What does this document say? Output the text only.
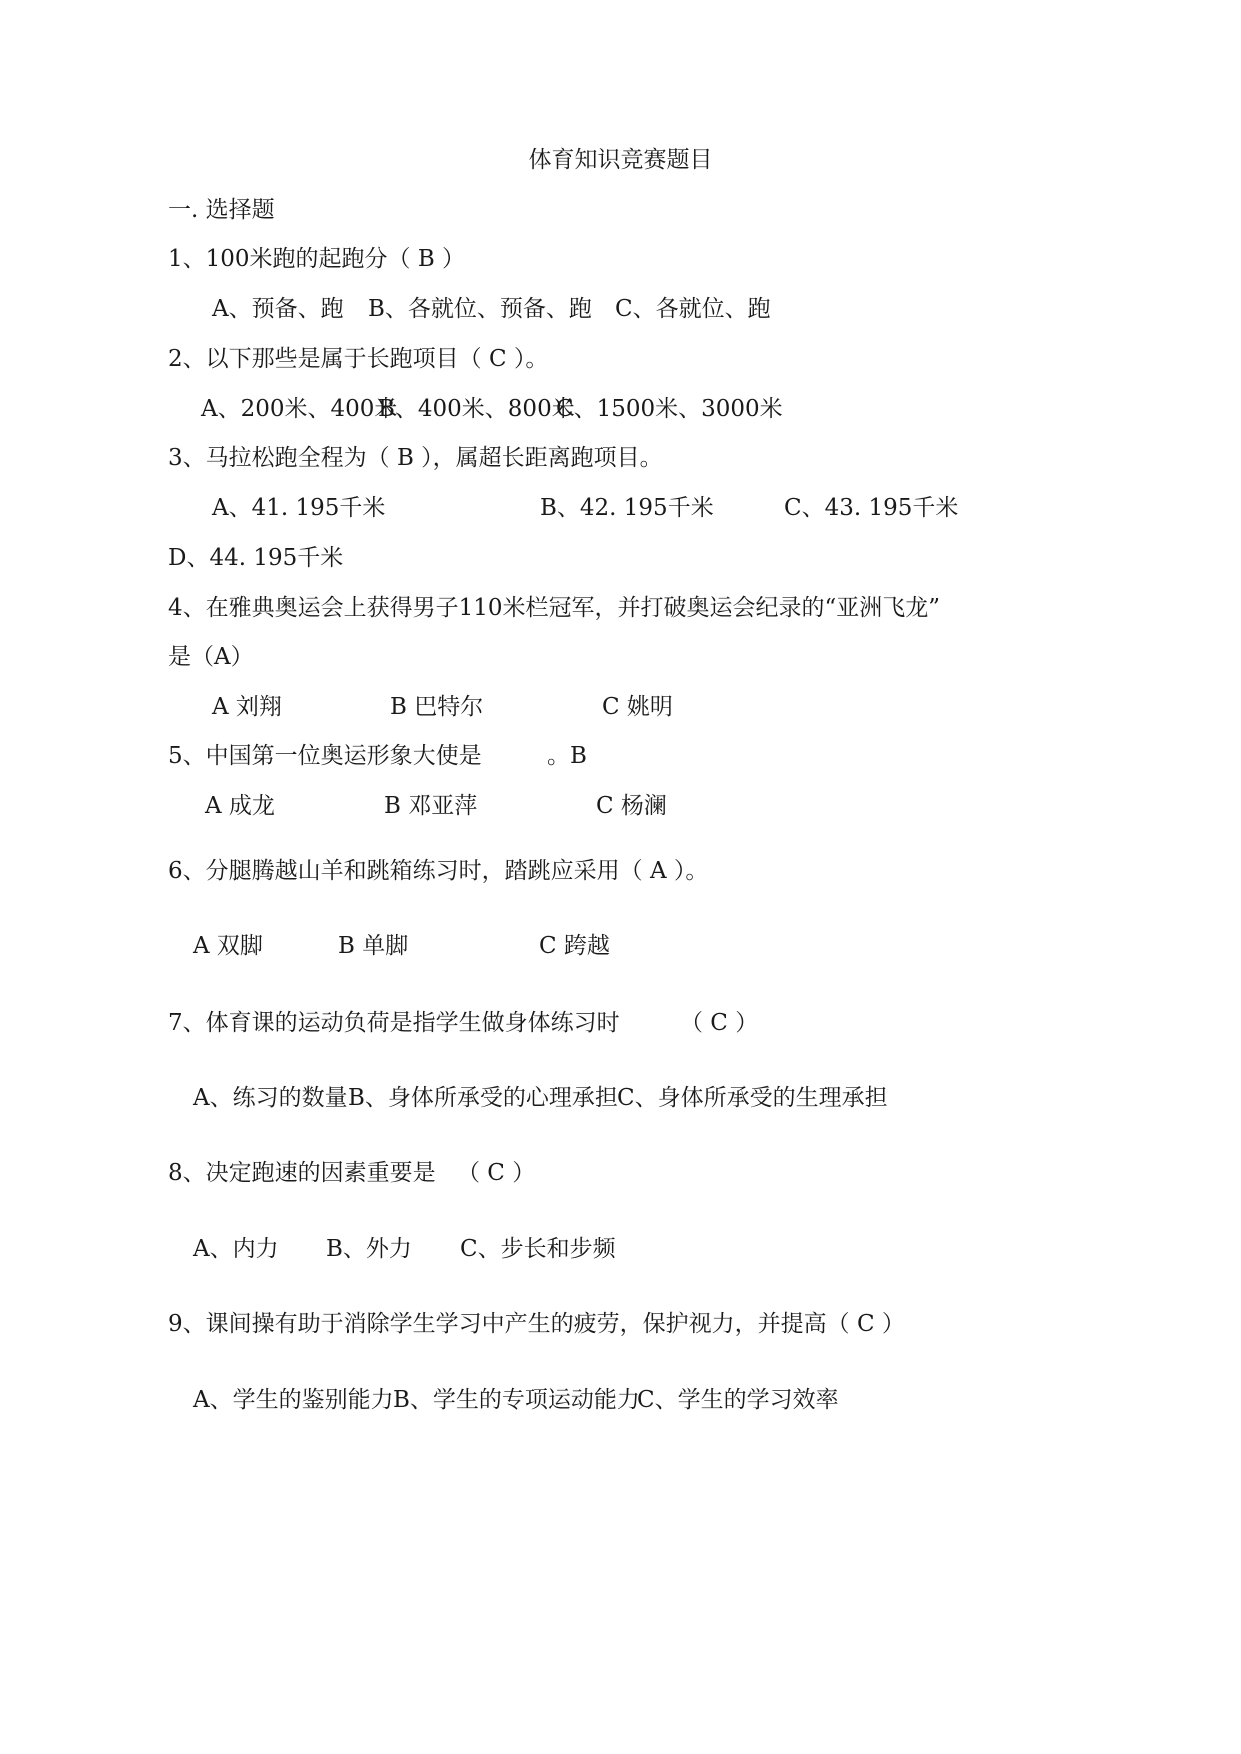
体育知识竞赛题目
一. 选择题
1、100米跑的起跑分（ B ）
A、预备、跑 B、各就位、预备、跑 C、各就位、跑
2、以下那些是属于长跑项目（ C ）。
A、200米、400米
B、400米、800米
C、1500米、3000米
3、马拉松跑全程为（ B ），属超长距离跑项目。
A、41. 195千米	B、42. 195千米	C、43. 195千米
D、44. 195千米
4、在雅典奥运会上获得男子110米栏冠军，并打破奥运会纪录的“亚洲飞龙”
是（A）
A 刘翔	B 巴特尔	C 姚明
5、中国第一位奥运形象大使是	。B
A 成龙	B 邓亚萍	C 杨澜
6、分腿腾越山羊和跳箱练习时，踏跳应采用（ A ）。
A 双脚	B 单脚	C 跨越
7、体育课的运动负荷是指学生做身体练习时	（ C ）
A、练习的数量 B、身体所承受的心理承担 C、身体所承受的生理承担
8、决定跑速的因素重要是 （ C ）
A、内力 B、外力 C、步长和步频
9、课间操有助于消除学生学习中产生的疲劳，保护视力，并提高（ C ）
A、学生的鉴别能力 B、学生的专项运动能力
C、学生的学习效率
